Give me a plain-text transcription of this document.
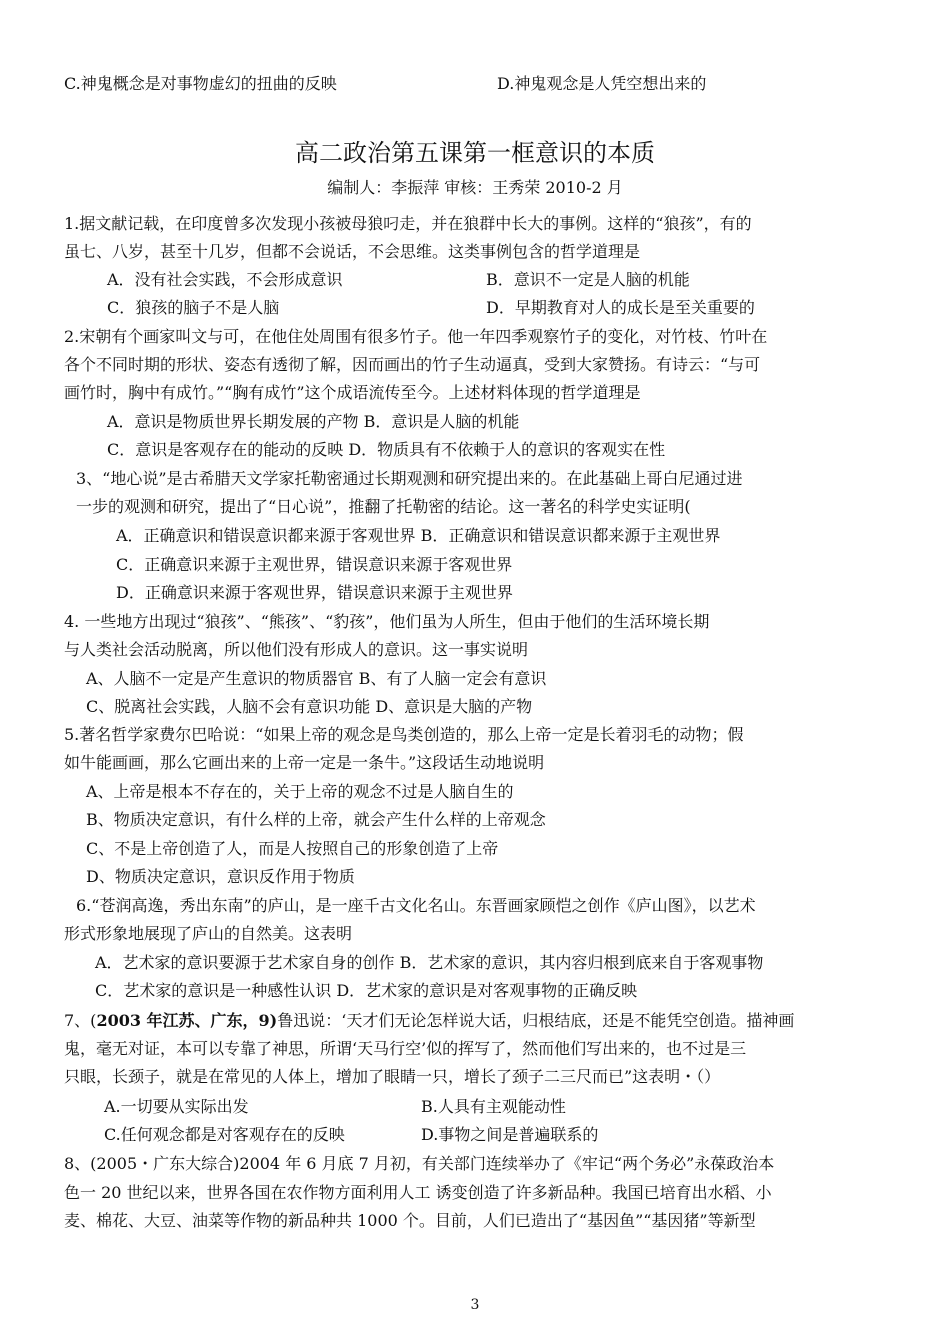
C.神鬼概念是对事物虚幻的扭曲的反映	D.神鬼观念是人凭空想出来的
高二政治第五课第一框意识的本质
编制人：李振萍 审核：王秀荣 2010-2 月
1.据文献记载，在印度曾多次发现小孩被母狼叼走，并在狼群中长大的事例。这样的“狼孩”，有的
虽七、八岁，甚至十几岁，但都不会说话，不会思维。这类事例包含的哲学道理是
A．没有社会实践，不会形成意识	B．意识不一定是人脑的机能
C．狼孩的脑子不是人脑	D．早期教育对人的成长是至关重要的
2.宋朝有个画家叫文与可，在他住处周围有很多竹子。他一年四季观察竹子的变化，对竹枝、竹叶在
各个不同时期的形状、姿态有透彻了解，因而画出的竹子生动逼真，受到大家赞扬。有诗云：“与可
画竹时，胸中有成竹。”“胸有成竹”这个成语流传至今。上述材料体现的哲学道理是
A．意识是物质世界长期发展的产物 B．意识是人脑的机能
C．意识是客观存在的能动的反映 D．物质具有不依赖于人的意识的客观实在性
3、“地心说”是古希腊天文学家托勒密通过长期观测和研究提出来的。在此基础上哥白尼通过进
一步的观测和研究，提出了“日心说”，推翻了托勒密的结论。这一著名的科学史实证明(
A．正确意识和错误意识都来源于客观世界 B．正确意识和错误意识都来源于主观世界
C．正确意识来源于主观世界，错误意识来源于客观世界
D．正确意识来源于客观世界，错误意识来源于主观世界
4. 一些地方出现过“狼孩”、“熊孩”、“豹孩”，他们虽为人所生，但由于他们的生活环境长期
与人类社会活动脱离，所以他们没有形成人的意识。这一事实说明
A、人脑不一定是产生意识的物质器官 B、有了人脑一定会有意识
C、脱离社会实践，人脑不会有意识功能 D、意识是大脑的产物
5.著名哲学家费尔巴哈说：“如果上帝的观念是鸟类创造的，那么上帝一定是长着羽毛的动物；假
如牛能画画，那么它画出来的上帝一定是一条牛。”这段话生动地说明
A、上帝是根本不存在的，关于上帝的观念不过是人脑自生的
B、物质决定意识，有什么样的上帝，就会产生什么样的上帝观念
C、不是上帝创造了人，而是人按照自己的形象创造了上帝
D、物质决定意识，意识反作用于物质
6.“苍润高逸，秀出东南”的庐山，是一座千古文化名山。东晋画家顾恺之创作《庐山图》，以艺术
形式形象地展现了庐山的自然美。这表明
A．艺术家的意识要源于艺术家自身的创作 B．艺术家的意识，其内容归根到底来自于客观事物
C．艺术家的意识是一种感性认识 D．艺术家的意识是对客观事物的正确反映
7、(2003 年江苏、广东，9)鲁迅说：‘天才们无论怎样说大话，归根结底，还是不能凭空创造。描神画
鬼，毫无对证，本可以专靠了神思，所谓‘天马行空’似的挥写了，然而他们写出来的，也不过是三
只眼，长颈子，就是在常见的人体上，增加了眼睛一只，增长了颈子二三尺而已”这表明・（）
A.一切要从实际出发	B.人具有主观能动性
C.任何观念都是对客观存在的反映	D.事物之间是普遍联系的
8、(2005・广东大综合)2004 年 6 月底 7 月初，有关部门连续举办了《牢记“两个务必”永葆政治本
色一 20 世纪以来，世界各国在农作物方面利用人工 诱变创造了许多新品种。我国已培育出水稻、小
麦、棉花、大豆、油菜等作物的新品种共 1000 个。目前，人们已造出了“基因鱼”“基因猪”等新型
3
